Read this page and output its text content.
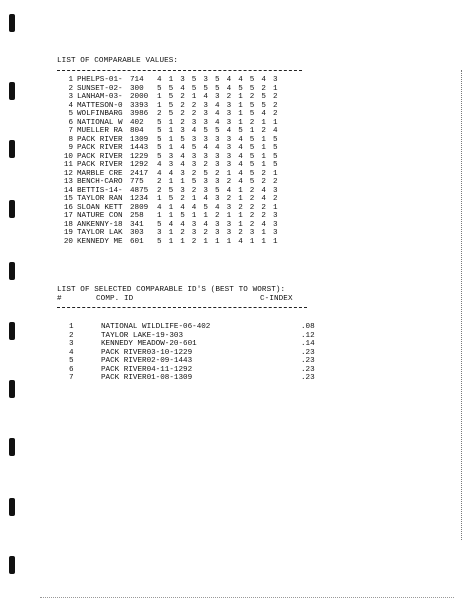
LIST OF COMPARABLE VALUES:
1 PHELPS-01- 714 4 1 3 5 3 5 4 4 5 4 3
2 SUNSET-02- 300 5 5 4 5 5 5 4 5 5 2 1
3 LANHAM-03- 2000 1 5 2 1 4 3 2 1 2 5 2
4 MATTESON-0 3393 1 5 2 2 3 4 3 1 5 5 2
5 WOLFINBARG 3986 2 5 2 2 3 4 3 1 5 4 2
6 NATIONAL W 402 5 1 2 3 3 4 3 1 2 1 1
7 MUELLER RA 804 5 1 3 4 5 5 4 5 1 2 4
8 PACK RIVER 1309 5 1 5 3 3 3 3 4 5 1 5
9 PACK RIVER 1443 5 1 4 5 4 4 3 4 5 1 5
10 PACK RIVER 1229 5 3 4 3 3 3 3 4 5 1 5
11 PACK RIVER 1292 4 3 4 3 2 3 3 4 5 1 5
12 MARBLE CRE 2417 4 4 3 2 5 2 1 4 5 2 1
13 BENCH-CARO 775 2 1 1 5 3 3 2 4 5 2 2
14 BETTIS-14- 4875 2 5 3 2 3 5 4 1 2 4 3
15 TAYLOR RAN 1234 1 5 2 1 4 3 2 1 2 4 2
16 SLOAN KETT 2809 4 1 4 4 5 4 3 2 2 2 1
17 NATURE CON 258 1 1 5 1 1 2 1 1 2 2 3
18 ANKENNY-18 341 5 4 4 3 4 3 3 1 2 4 3
19 TAYLOR LAK 303 3 1 2 3 2 3 3 2 3 1 3
20 KENNEDY ME 601 5 1 1 2 1 1 1 4 1 1 1
LIST OF SELECTED COMPARABLE ID'S (BEST TO WORST):
#	COMP. ID	C-INDEX
1	NATIONAL WILDLIFE-06-402	.08
2	TAYLOR LAKE-19-303	.12
3	KENNEDY MEADOW-20-601	.14
4	PACK RIVER03-10-1229	.23
5	PACK RIVER02-09-1443	.23
6	PACK RIVER04-11-1292	.23
7	PACK RIVER01-08-1309	.23
